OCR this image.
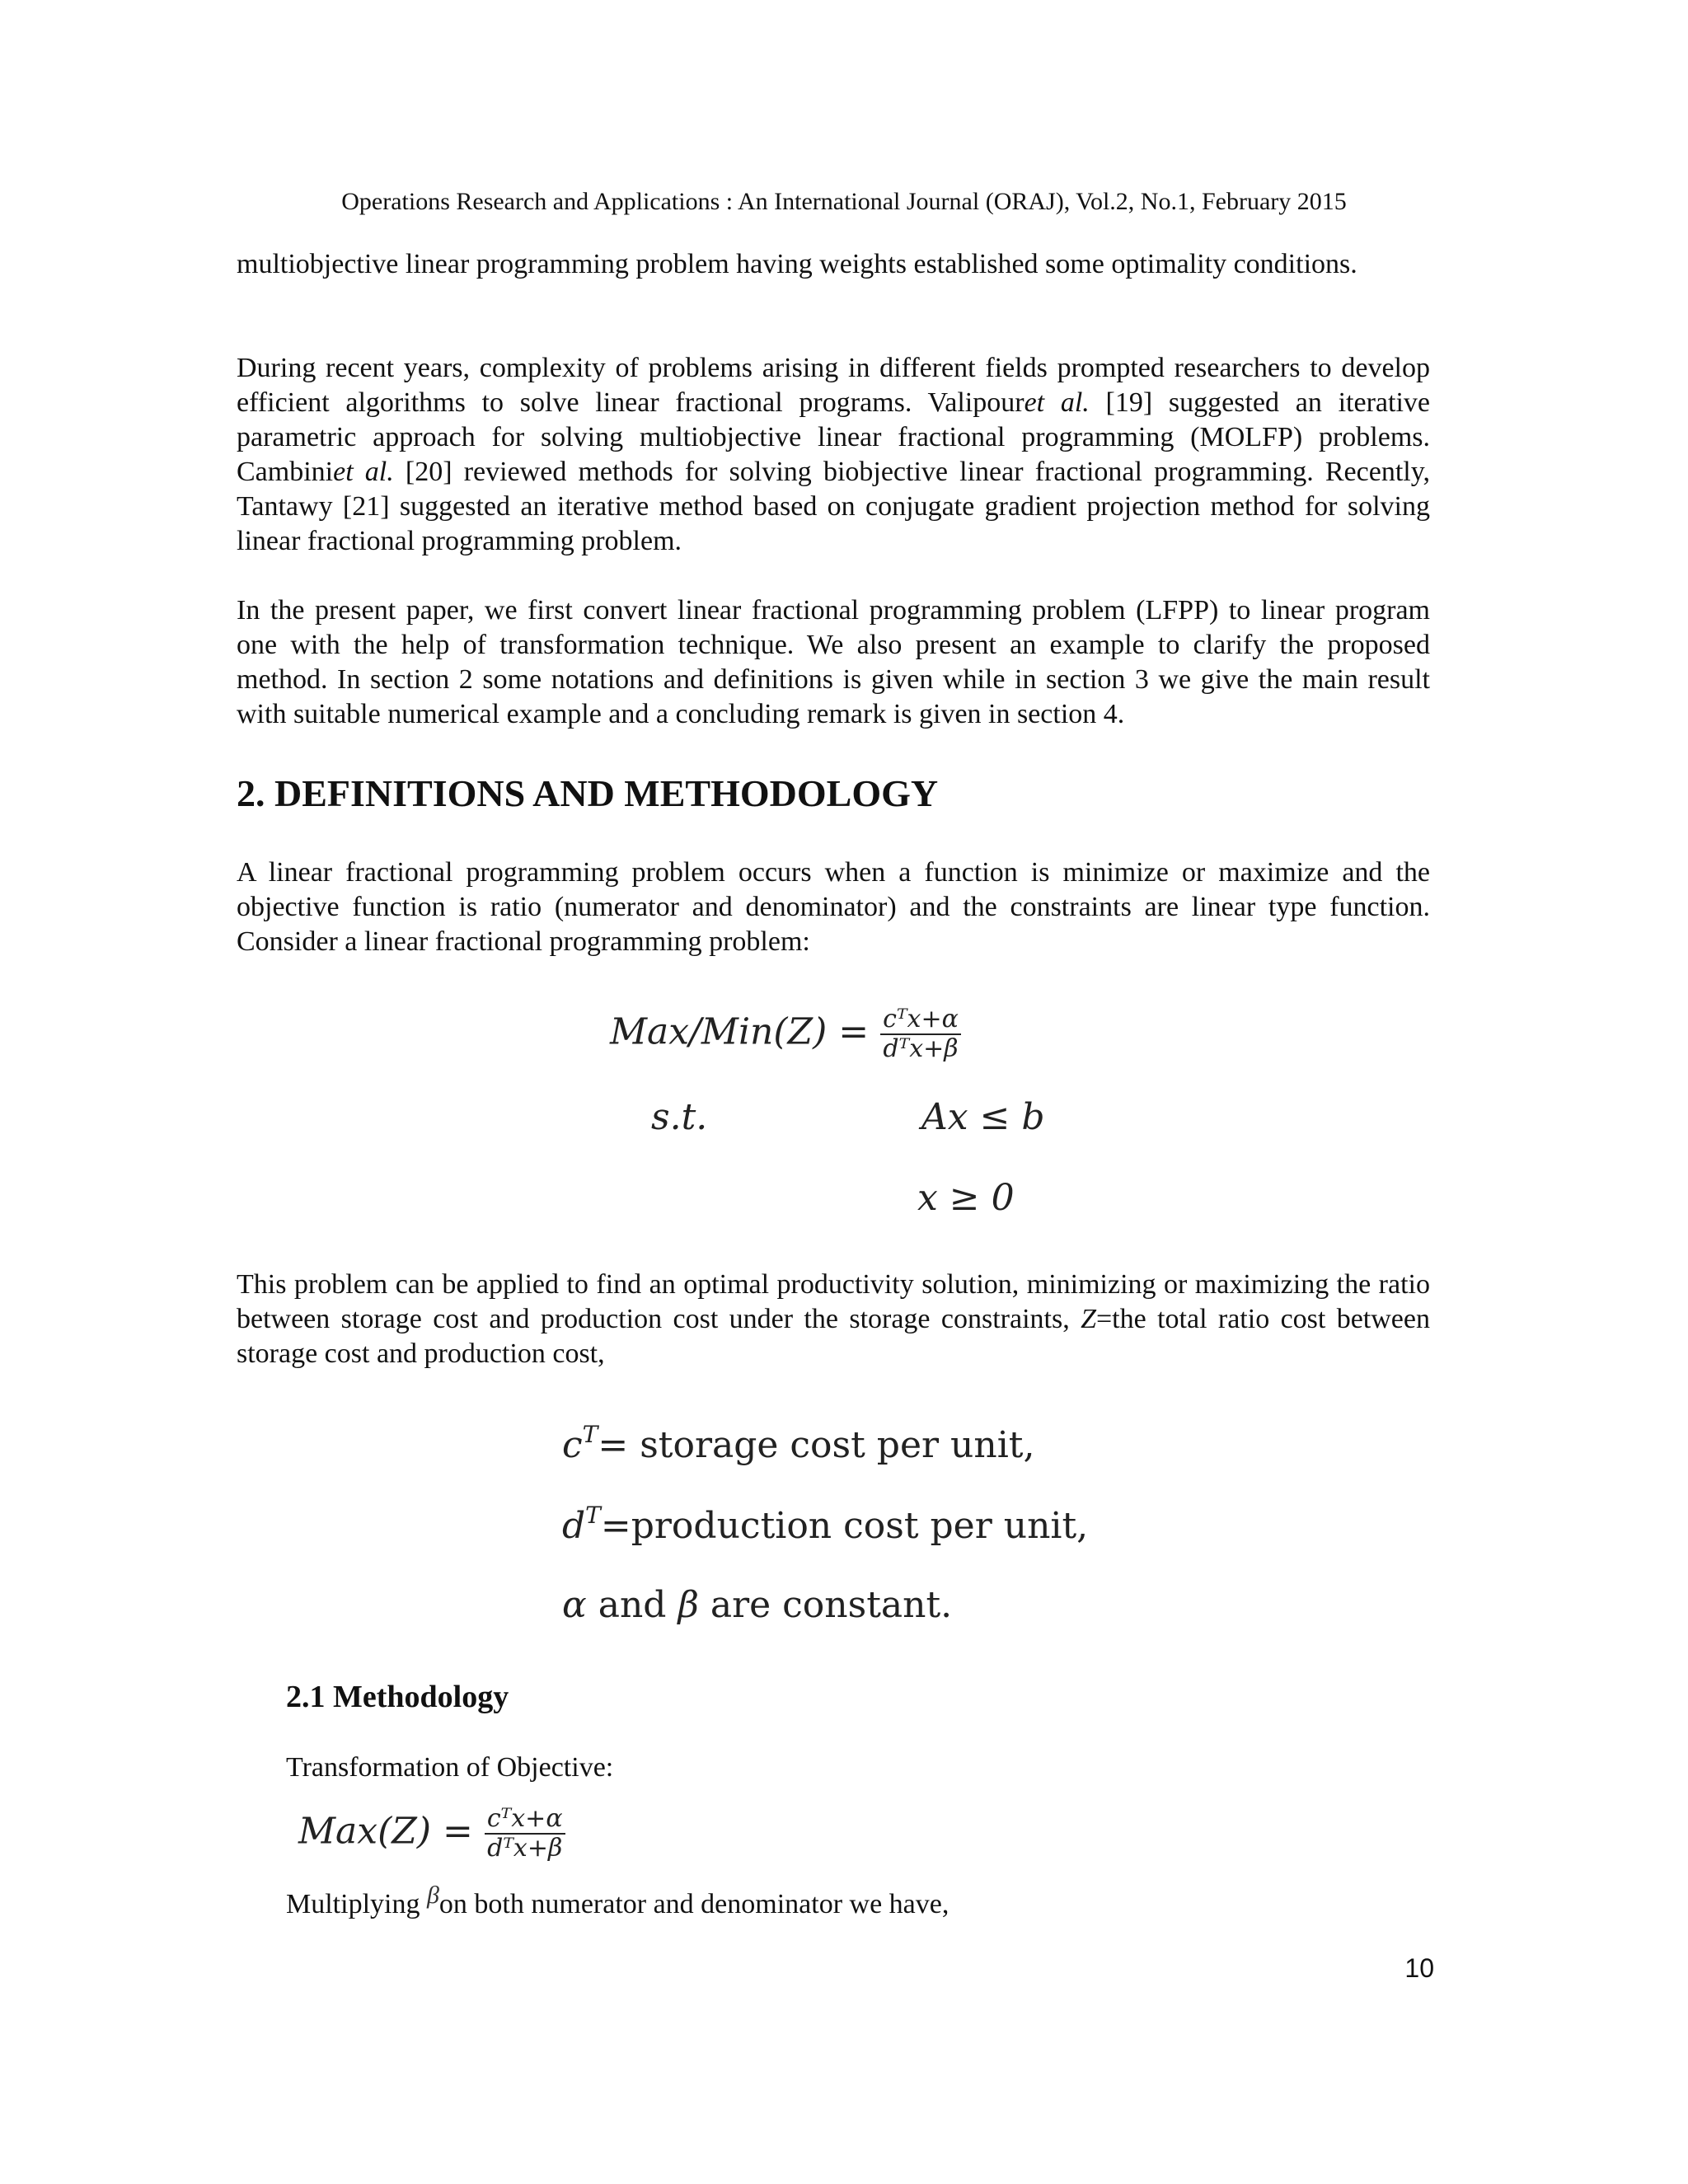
Operations Research and Applications : An International Journal (ORAJ), Vol.2, No.1, February 2015
multiobjective linear programming problem having weights established some optimality conditions.
During recent years, complexity of problems arising in different fields prompted researchers to develop efficient algorithms to solve linear fractional programs. Valipouret al. [19] suggested an iterative parametric approach for solving multiobjective linear fractional programming (MOLFP) problems. Cambiniet al. [20] reviewed methods for solving biobjective linear fractional programming. Recently, Tantawy [21] suggested an iterative method based on conjugate gradient projection method for solving linear fractional programming problem.
In the present paper, we first convert linear fractional programming problem (LFPP) to linear program one with the help of transformation technique. We also present an example to clarify the proposed method. In section 2 some notations and definitions is given while in section 3 we give the main result with suitable numerical example and a concluding remark is given in section 4.
2. DEFINITIONS AND METHODOLOGY
A linear fractional programming problem occurs when a function is minimize or maximize and the objective function is ratio (numerator and denominator) and the constraints are linear type function. Consider a linear fractional programming problem:
$Max/Min(Z) = \frac{\text{cᵀx+α}}{\text{dᵀx+β}}$
s.t.	Ax ≤ b
x ≥ 0
This problem can be applied to find an optimal productivity solution, minimizing or maximizing the ratio between storage cost and production cost under the storage constraints, Z=the total ratio cost between storage cost and production cost,
$c^T=$ storage cost per unit,
$d^T=production$ cost per unit,
α and β are constant.
2.1 Methodology
Transformation of Objective:
$Max(Z) = \frac{\text{cᵀx+α}}{\text{dᵀx+β}}$
Multiplying βon both numerator and denominator we have,
10
